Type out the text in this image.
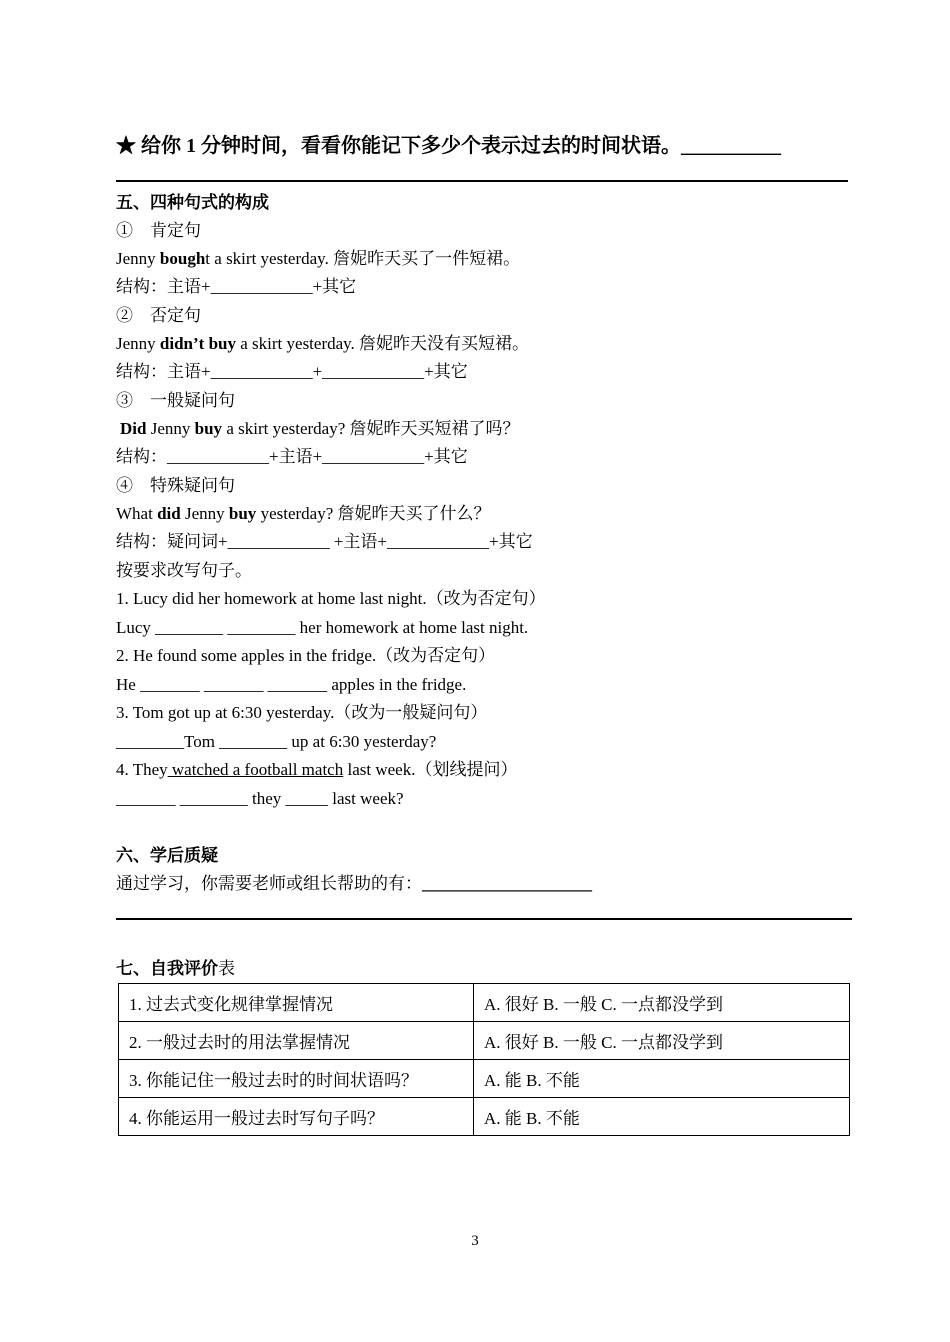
★ 给你 1 分钟时间，看看你能记下多少个表示过去的时间状语。__________
五、四种句式的构成
① 肯定句
Jenny bought a skirt yesterday. 詹妮昨天买了一件短裙。
结构：主语+____________+其它
② 否定句
Jenny didn’t buy a skirt yesterday. 詹妮昨天没有买短裙。
结构：主语+____________+____________+其它
③ 一般疑问句
Did Jenny buy a skirt yesterday? 詹妮昨天买短裙了吗？
结构：____________+主语+____________+其它
④ 特殊疑问句
What did Jenny buy yesterday? 詹妮昨天买了什么？
结构：疑问词+____________ +主语+____________+其它
按要求改写句子。
1. Lucy did her homework at home last night.（改为否定句）
Lucy ________ ________ her homework at home last night.
2. He found some apples in the fridge.（改为否定句）
He _______ _______ _______ apples in the fridge.
3. Tom got up at 6:30 yesterday.（改为一般疑问句）
________Tom ________ up at 6:30 yesterday?
4. They watched a football match last week.（划线提问）
_______ ________ they _____ last week?
六、学后质疑
通过学习，你需要老师或组长帮助的有：____________________
七、自我评价表
1. 过去式变化规律掌握情况	A. 很好 B. 一般 C. 一点都没学到
2. 一般过去时的用法掌握情况	A. 很好 B. 一般 C. 一点都没学到
3. 你能记住一般过去时的时间状语吗？	A. 能 B. 不能
4. 你能运用一般过去时写句子吗？	A. 能 B. 不能
3
